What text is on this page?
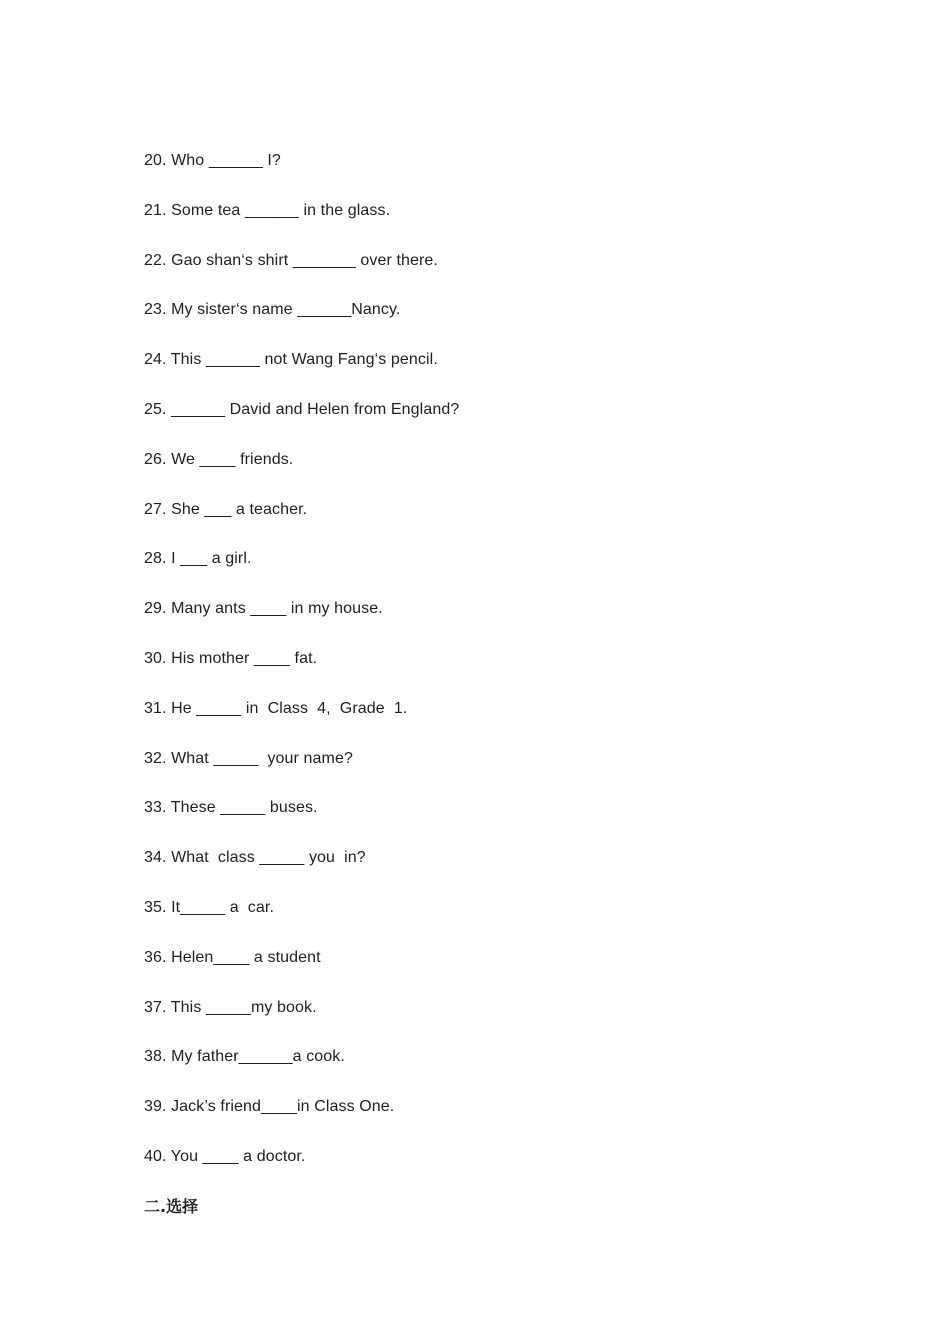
20. Who ______ I?
21. Some tea ______ in the glass.
22. Gao shan‘s shirt _______ over there.
23. My sister‘s name ______Nancy.
24. This ______ not Wang Fang‘s pencil.
25. ______ David and Helen from England?
26. We ____ friends.
27. She ___ a teacher.
28. I ___ a girl.
29. Many ants ____ in my house.
30. His mother ____ fat.
31. He _____ in  Class  4,  Grade  1.
32. What _____  your name?
33. These _____ buses.
34. What  class _____ you  in?
35. It_____ a  car.
36. Helen____ a student
37. This _____my book.
38. My father______a cook.
39. Jack’s friend____in Class One.
40. You ____ a doctor.
二.选择
